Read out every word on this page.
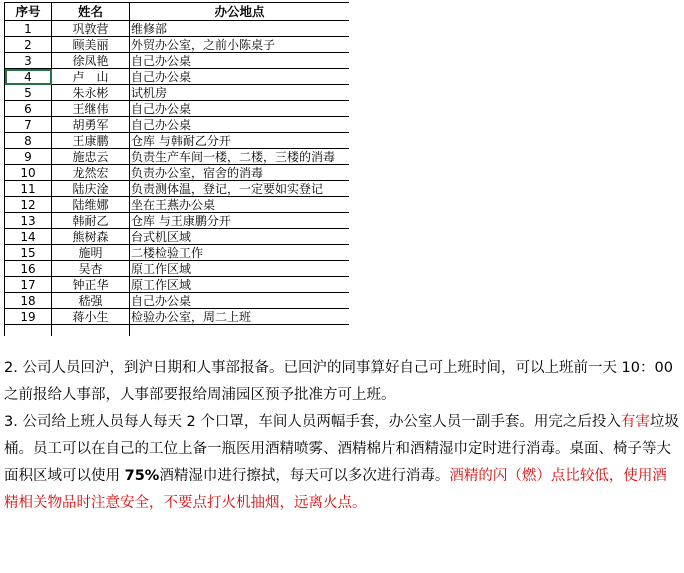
序号	姓名	办公地点
1	巩敦营	维修部
2	顾美丽	外贸办公室，之前小陈桌子
3	徐凤艳	自己办公桌
4	卢　山	自己办公桌
5	朱永彬	试机房
6	王继伟	自己办公桌
7	胡勇军	自己办公桌
8	王康鹏	仓库 与韩耐乙分开
9	施忠云	负责生产车间一楼，二楼，三楼的消毒
10	龙然宏	负责办公室，宿舍的消毒
11	陆庆淦	负责测体温，登记，一定要如实登记
12	陆维娜	坐在王燕办公桌
13	韩耐乙	仓库 与王康鹏分开
14	熊树森	台式机区域
15	施明	二楼检验工作
16	吴杏	原工作区域
17	钟正华	原工作区域
18	嵇强	自己办公桌
19	蒋小生	检验办公室，周二上班

2. 公司人员回沪，到沪日期和人事部报备。已回沪的同事算好自己可上班时间，可以上班前一天 10：00 之前报给人事部，人事部要报给周浦园区预予批准方可上班。

3. 公司给上班人员每人每天 2 个口罩，车间人员两幅手套，办公室人员一副手套。用完之后投入有害垃圾桶。员工可以在自己的工位上备一瓶医用酒精喷雾、酒精棉片和酒精湿巾定时进行消毒。桌面、椅子等大面积区域可以使用 75%酒精湿巾进行擦拭，每天可以多次进行消毒。酒精的闪（燃）点比较低，使用酒精相关物品时注意安全，不要点打火机抽烟，远离火点。
